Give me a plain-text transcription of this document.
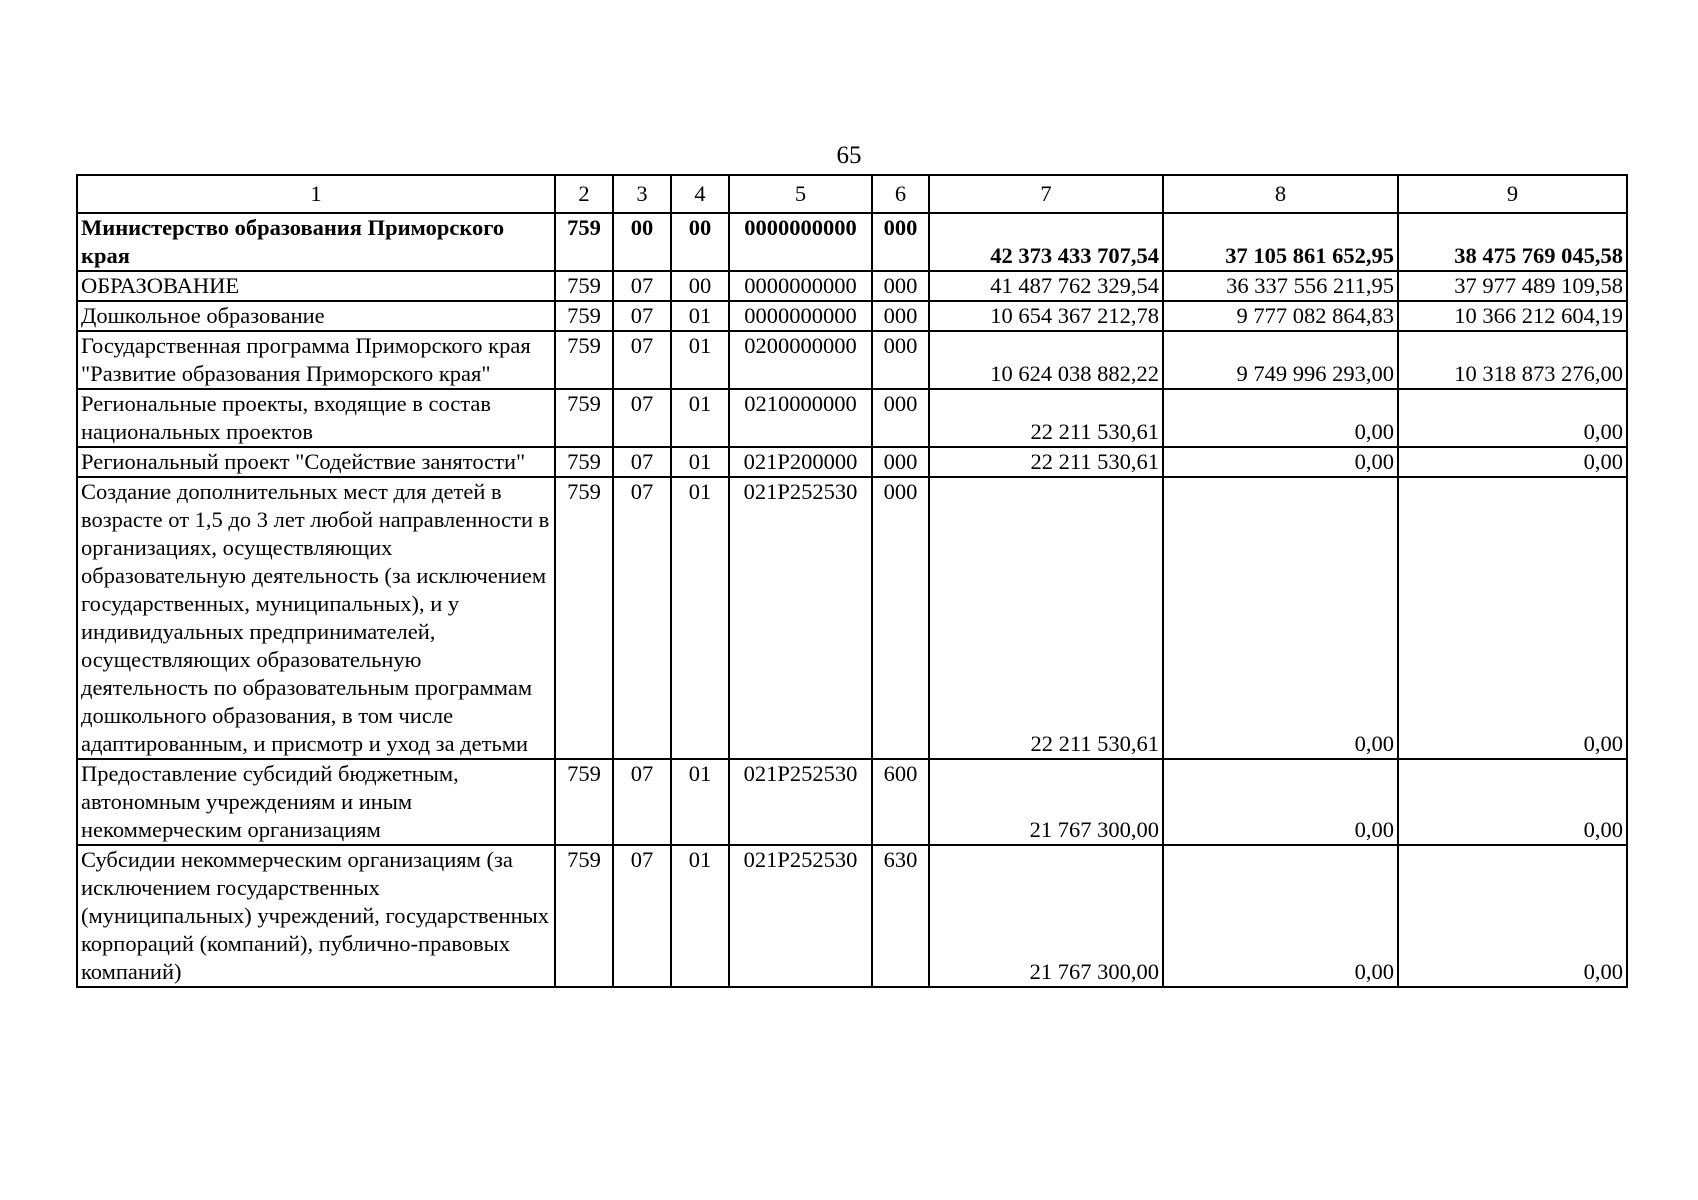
65
1	2	3	4	5	6	7	8	9
Министерство образования Приморского края	759	00	00	0000000000	000	42 373 433 707,54	37 105 861 652,95	38 475 769 045,58
ОБРАЗОВАНИЕ	759	07	00	0000000000	000	41 487 762 329,54	36 337 556 211,95	37 977 489 109,58
Дошкольное образование	759	07	01	0000000000	000	10 654 367 212,78	9 777 082 864,83	10 366 212 604,19
Государственная программа Приморского края "Развитие образования Приморского края"	759	07	01	0200000000	000	10 624 038 882,22	9 749 996 293,00	10 318 873 276,00
Региональные проекты, входящие в состав национальных проектов	759	07	01	0210000000	000	22 211 530,61	0,00	0,00
Региональный проект "Содействие занятости"	759	07	01	021P200000	000	22 211 530,61	0,00	0,00
Создание дополнительных мест для детей в возрасте от 1,5 до 3 лет любой направленности в организациях, осуществляющих образовательную деятельность (за исключением государственных, муниципальных), и у индивидуальных предпринимателей, осуществляющих образовательную деятельность по образовательным программам дошкольного образования, в том числе адаптированным, и присмотр и уход за детьми	759	07	01	021P252530	000	22 211 530,61	0,00	0,00
Предоставление субсидий бюджетным, автономным учреждениям и иным некоммерческим организациям	759	07	01	021P252530	600	21 767 300,00	0,00	0,00
Субсидии некоммерческим организациям (за исключением государственных (муниципальных) учреждений, государственных корпораций (компаний), публично-правовых компаний)	759	07	01	021P252530	630	21 767 300,00	0,00	0,00
